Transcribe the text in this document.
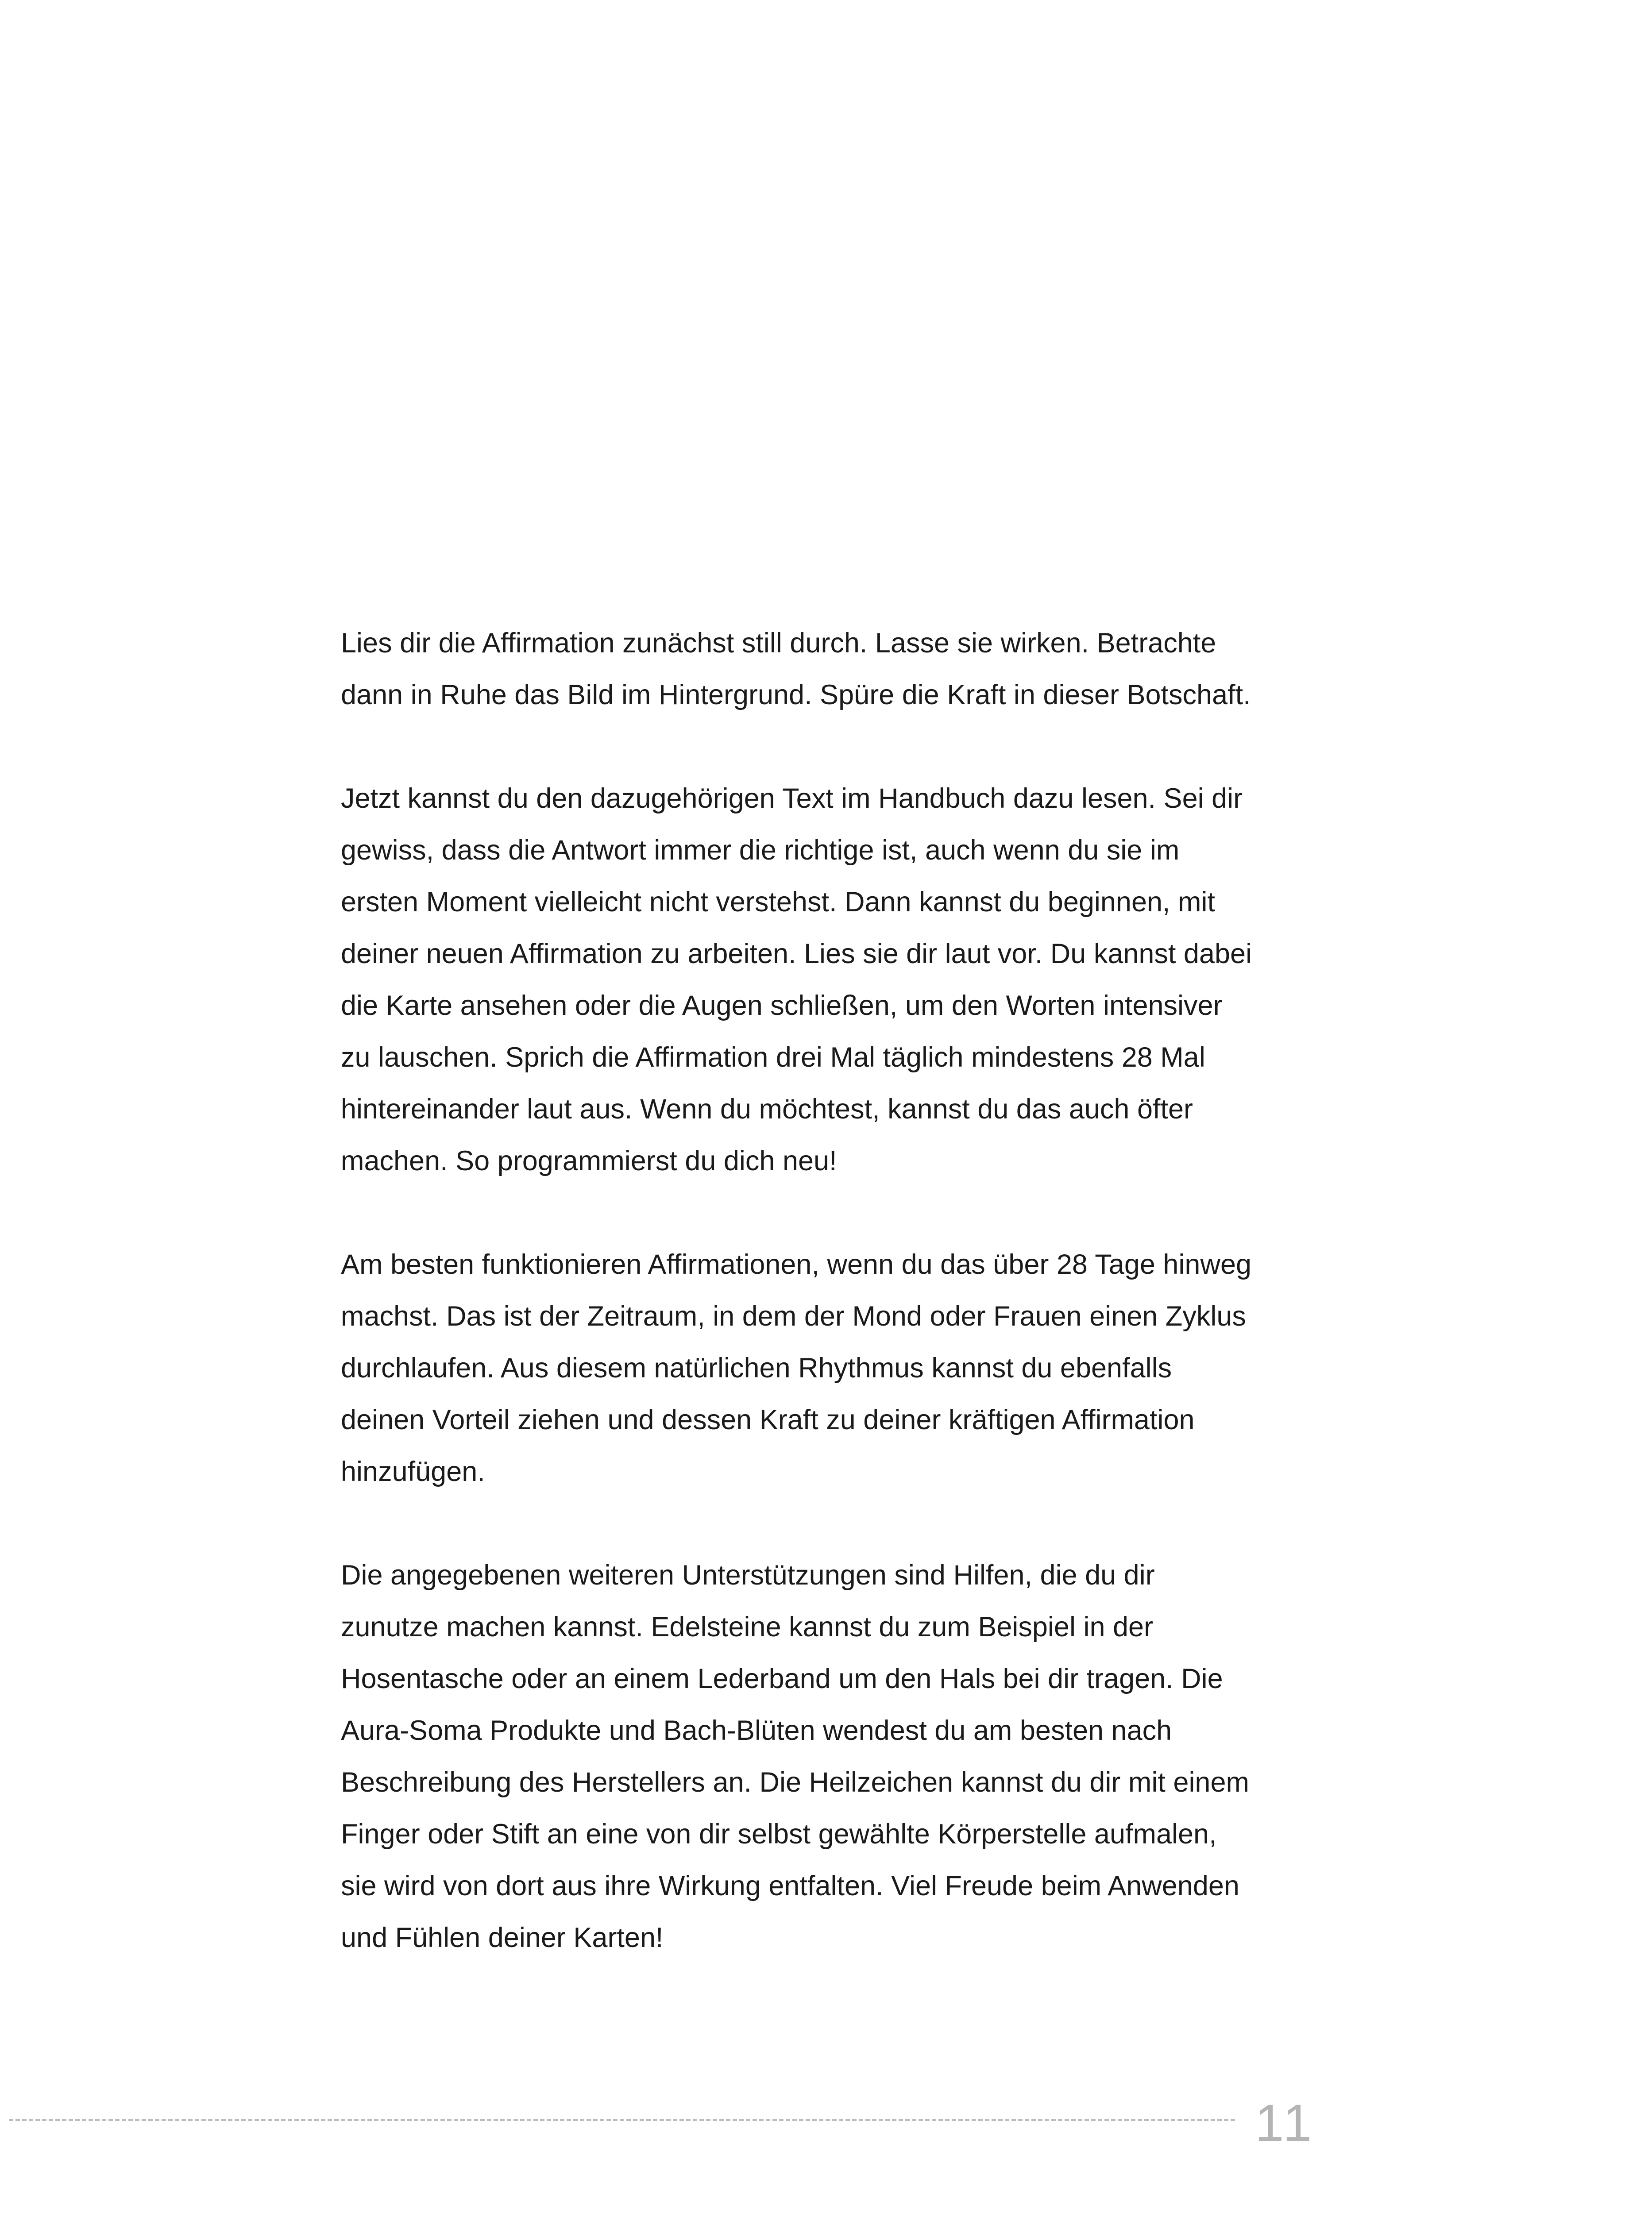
Lies dir die Affirmation zunächst still durch. Lasse sie wirken. Betrachte
dann in Ruhe das Bild im Hintergrund. Spüre die Kraft in dieser Botschaft.
Jetzt kannst du den dazugehörigen Text im Handbuch dazu lesen. Sei dir
gewiss, dass die Antwort immer die richtige ist, auch wenn du sie im
ersten Moment vielleicht nicht verstehst. Dann kannst du beginnen, mit
deiner neuen Affirmation zu arbeiten. Lies sie dir laut vor. Du kannst dabei
die Karte ansehen oder die Augen schließen, um den Worten intensiver
zu lauschen. Sprich die Affirmation drei Mal täglich mindestens 28 Mal
hintereinander laut aus. Wenn du möchtest, kannst du das auch öfter
machen. So programmierst du dich neu!
Am besten funktionieren Affirmationen, wenn du das über 28 Tage hinweg
machst. Das ist der Zeitraum, in dem der Mond oder Frauen einen Zyklus
durchlaufen. Aus diesem natürlichen Rhythmus kannst du ebenfalls
deinen Vorteil ziehen und dessen Kraft zu deiner kräftigen Affirmation
hinzufügen.
Die angegebenen weiteren Unterstützungen sind Hilfen, die du dir
zunutze machen kannst. Edelsteine kannst du zum Beispiel in der
Hosentasche oder an einem Lederband um den Hals bei dir tragen. Die
Aura-Soma Produkte und Bach-Blüten wendest du am besten nach
Beschreibung des Herstellers an. Die Heilzeichen kannst du dir mit einem
Finger oder Stift an eine von dir selbst gewählte Körperstelle aufmalen,
sie wird von dort aus ihre Wirkung entfalten. Viel Freude beim Anwenden
und Fühlen deiner Karten!
11
